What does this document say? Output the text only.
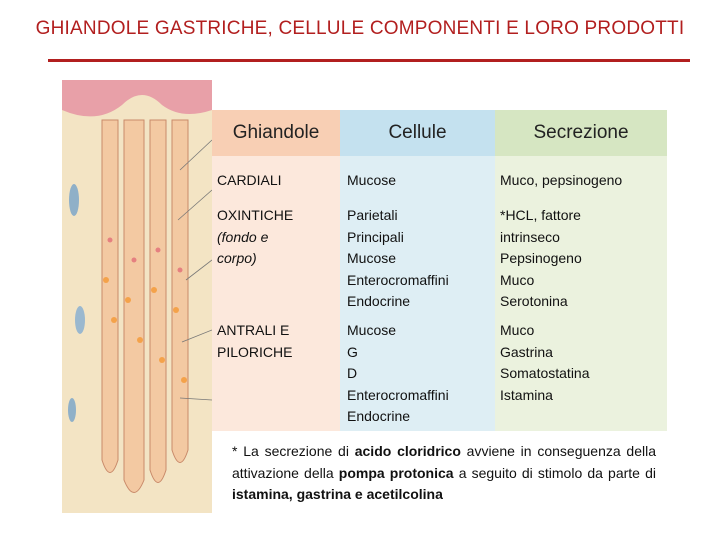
GHIANDOLE GASTRICHE, CELLULE COMPONENTI E LORO PRODOTTI
Ghiandole
CARDIALI
OXINTICHE
(fondo e
corpo)
ANTRALI E
PILORICHE
Cellule
Mucose
Parietali
Principali
Mucose
Enterocromaffini
Endocrine
Mucose
G
D
Enterocromaffini
Endocrine
Secrezione
Muco, pepsinogeno
*HCL, fattore
intrinseco
Pepsinogeno
Muco
Serotonina
Muco
Gastrina
Somatostatina
Istamina
* La secrezione di acido cloridrico avviene in conseguenza della attivazione della pompa protonica a seguito di stimolo da parte di istamina, gastrina e acetilcolina
